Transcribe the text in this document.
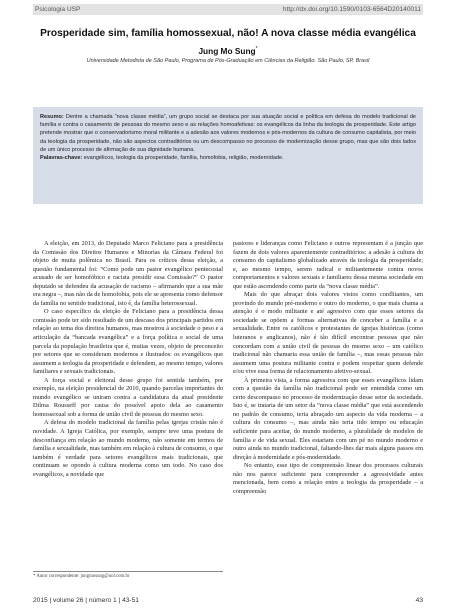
Psicologia USP	http://dx.doi.org/10.1590/0103-6564D20140011
Prosperidade sim, família homossexual, não! A nova classe média evangélica
Jung Mo Sung*
Universidade Metodista de São Paulo, Programa de Pós-Graduação em Ciências da Religião. São Paulo, SP, Brasil
Resumo: Dentre a chamada “nova classe média”, um grupo social se destaca por sua atuação social e política em defesa do modelo tradicional de família e contra o casamento de pessoas do mesmo sexo e as relações homoafetivas: os evangélicos da linha da teologia da prosperidade. Este artigo pretende mostrar que o conservadorismo moral militante e a adesão aos valores modernos e pós-modernos da cultura de consumo capitalista, por meio da teologia da prosperidade, não são aspectos contraditórios ou um descompasso no processo de modernização desse grupo, mas que são dois lados de um único processo de afirmação de sua dignidade humana.
Palavras-chave: evangélicos, teologia da prosperidade, família, homofobia, religião, modernidade.

A eleição, em 2013, do Deputado Marco Feliciano para a presidência da Comissão dos Direitos Humanos e Minorias da Câmara Federal foi objeto de muita polêmica no Brasil. Para os críticos dessa eleição, a questão fundamental foi: “Como pode um pastor evangélico pentecostal acusado de ser homofóbico e racista presidir essa Comissão?” O pastor deputado se defendeu da acusação de racismo – afirmando que a sua mãe era negra –, mas não da de homofobia, pois ele se apresenta como defensor da família no sentido tradicional, isto é, da família heterossexual.

O caso específico da eleição de Feliciano para a presidência dessa comissão pode ter sido resultado de um descaso dos principais partidos em relação ao tema dos direitos humanos, mas mostrou à sociedade o peso e a articulação da “bancada evangélica” e a força política e social de uma parcela da população brasileira que é, muitas vezes, objeto de preconceito por setores que se consideram modernos e ilustrados: os evangélicos que assumem a teologia da prosperidade e defendem, ao mesmo tempo, valores familiares e sexuais tradicionais.

A força social e eleitoral desse grupo foi sentida também, por exemplo, na eleição presidencial de 2010, quando parcelas importantes do mundo evangélico se uniram contra a candidatura da atual presidente Dilma Rousseff por causa do possível apoio dela ao casamento homossexual sob a forma de união civil de pessoas do mesmo sexo.

A defesa do modelo tradicional da família pelas igrejas cristãs não é novidade. A Igreja Católica, por exemplo, sempre teve uma postura de desconfiança em relação ao mundo moderno, não somente em termos de família e sexualidade, mas também em relação à cultura de consumo, o que também é verdade para setores evangélicos mais tradicionais, que continuam se opondo à cultura moderna como um todo. No caso dos evangélicos, a novidade que

pastores e lideranças como Feliciano e outros representam é a junção que fazem de dois valores aparentemente contraditórios: a adesão à cultura do consumo do capitalismo globalizado através da teologia da prosperidade; e, ao mesmo tempo, serem radical e militantemente contra novos comportamentos e valores sexuais e familiares dessa mesma sociedade em que estão ascendendo como parte da “nova classe média”.

Mais do que abraçar dois valores vistos como conflitantes, um provindo do mundo pré-moderno e outro do moderno, o que mais chama a atenção é o modo militante e até agressivo com que esses setores da sociedade se opõem a formas alternativas de conceber a família e a sexualidade. Entre os católicos e protestantes de igrejas históricas (como luteranos e anglicanos), não é tão difícil encontrar pessoas que não concordam com a união civil de pessoas do mesmo sexo – um católico tradicional não chamaria essa união de família –, mas essas pessoas não assumem uma postura militante contra e podem respeitar quem defende e/ou vive essa forma de relacionamento afetivo-sexual.

À primeira vista, a forma agressiva com que esses evangélicos lidam com a questão da família não tradicional pode ser entendida como um certo descompasso no processo de modernização desse setor da sociedade. Isto é, se trataria de um setor da “nova classe média” que está ascendendo no padrão de consumo, teria abraçado um aspecto da vida moderna – a cultura do consumo –, mas ainda não teria tido tempo ou educação suficiente para aceitar, do mundo moderno, a pluralidade de modelos de família e de vida sexual. Eles estariam com um pé no mundo moderno e outro ainda no mundo tradicional, faltando-lhes dar mais alguns passos em direção à modernidade e pós-modernidade.

No entanto, esse tipo de compreensão linear dos processos culturais não nos parece suficiente para compreender a agressividade antes mencionada, bem como a relação entre a teologia da prosperidade – a compreensão

* Autor correspondente: jungmosung@uol.com.br
2015 | volume 26 | número 1 | 43-51	43
